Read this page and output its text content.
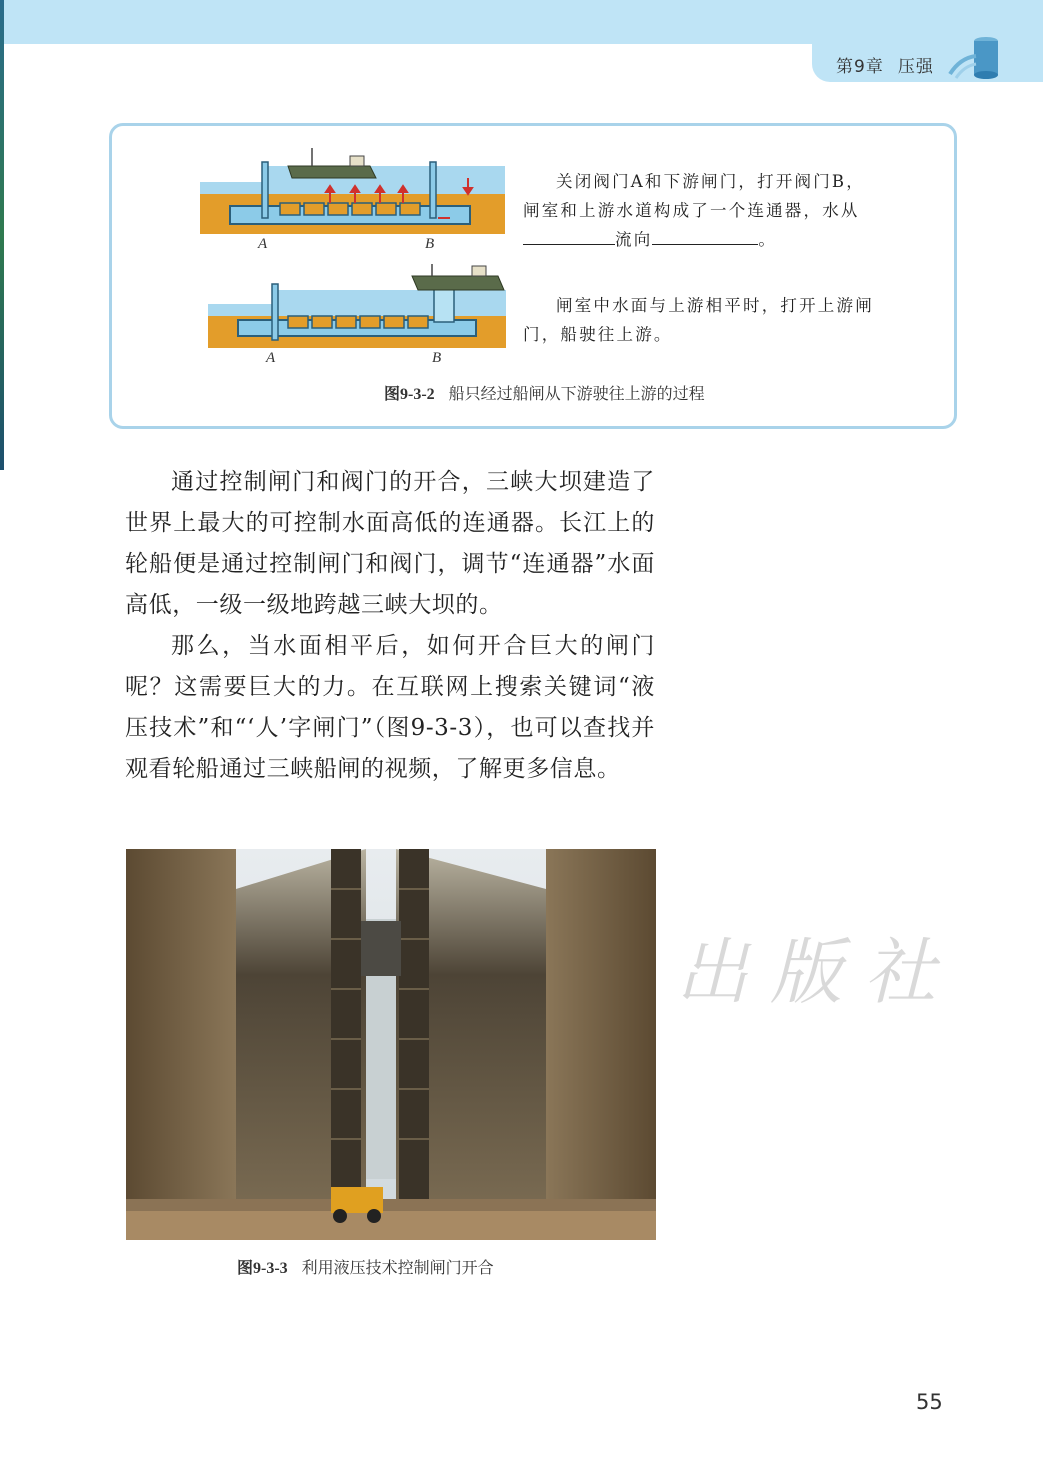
第9章 压强
A	B
A	B
关闭阀门A和下游闸门，打开阀门B，
闸室和上游水道构成了一个连通器，水从
流向	。
闸室中水面与上游相平时，打开上游闸
门，船驶往上游。
图9-3-2 船只经过船闸从下游驶往上游的过程

通过控制闸门和阀门的开合，三峡大坝建造了世界上最大的可控制水面高低的连通器。长江上的轮船便是通过控制闸门和阀门，调节“连通器”水面高低，一级一级地跨越三峡大坝的。

那么，当水面相平后，如何开合巨大的闸门呢？这需要巨大的力。在互联网上搜索关键词“液压技术”和“‘人’字闸门”（图9-3-3），也可以查找并观看轮船通过三峡船闸的视频，了解更多信息。

出版社
图9-3-3 利用液压技术控制闸门开合
55
